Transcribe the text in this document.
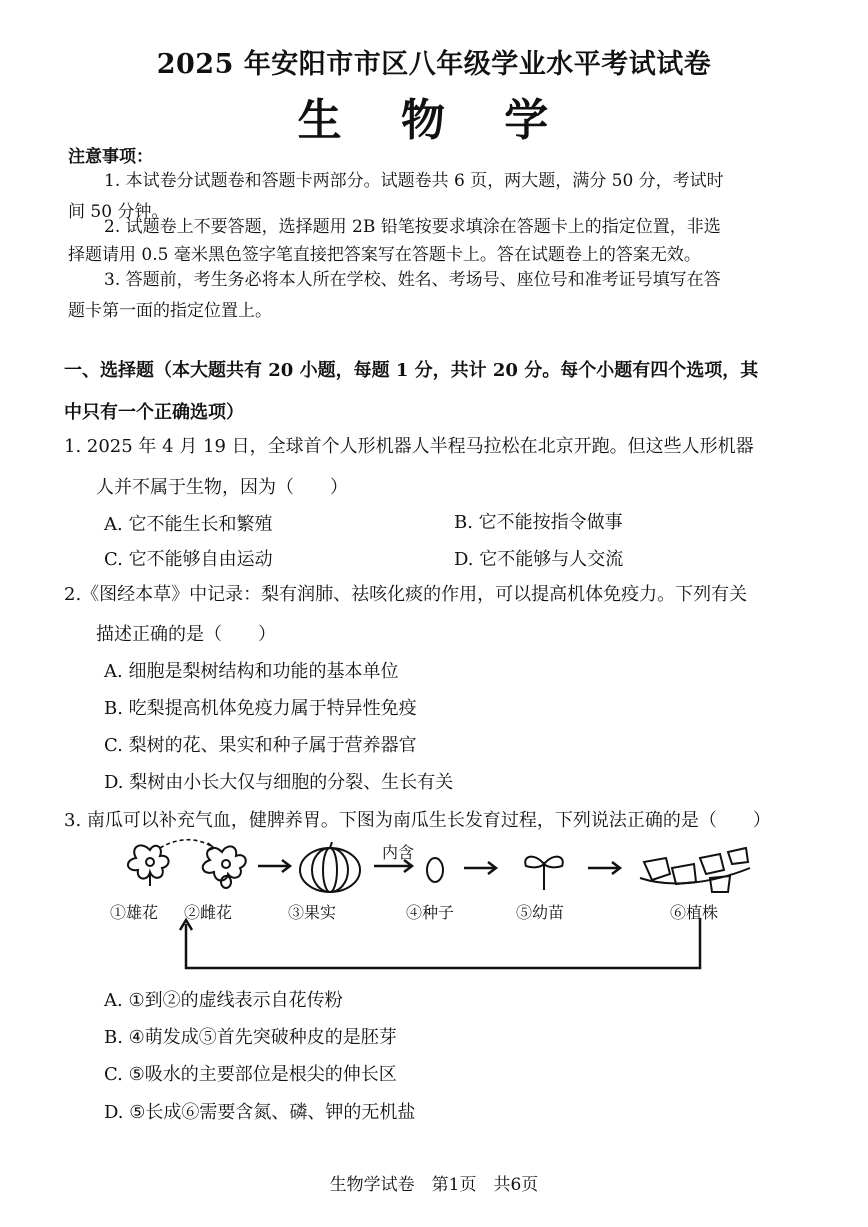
2025 年安阳市市区八年级学业水平考试试卷
生 物 学
注意事项：
1. 本试卷分试题卷和答题卡两部分。试题卷共 6 页，两大题，满分 50 分，考试时
间 50 分钟。
2. 试题卷上不要答题，选择题用 2B 铅笔按要求填涂在答题卡上的指定位置，非选
择题请用 0.5 毫米黑色签字笔直接把答案写在答题卡上。答在试题卷上的答案无效。
3. 答题前，考生务必将本人所在学校、姓名、考场号、座位号和准考证号填写在答
题卡第一面的指定位置上。
一、选择题（本大题共有 20 小题，每题 1 分，共计 20 分。每个小题有四个选项，其
中只有一个正确选项）
1. 2025 年 4 月 19 日，全球首个人形机器人半程马拉松在北京开跑。但这些人形机器
人并不属于生物，因为（　　）
A. 它不能生长和繁殖	B. 它不能按指令做事
C. 它不能够自由运动	D. 它不能够与人交流
2.《图经本草》中记录：梨有润肺、祛咳化痰的作用，可以提高机体免疫力。下列有关
描述正确的是（　　）
A. 细胞是梨树结构和功能的基本单位
B. 吃梨提高机体免疫力属于特异性免疫
C. 梨树的花、果实和种子属于营养器官
D. 梨树由小长大仅与细胞的分裂、生长有关
3. 南瓜可以补充气血，健脾养胃。下图为南瓜生长发育过程，下列说法正确的是（　　）
内含
①雄花 ②雌花	③果实	④种子	⑤幼苗	⑥植株
A. ①到②的虚线表示自花传粉
B. ④萌发成⑤首先突破种皮的是胚芽
C. ⑤吸水的主要部位是根尖的伸长区
D. ⑤长成⑥需要含氮、磷、钾的无机盐
生物学试卷　第1页　共6页
